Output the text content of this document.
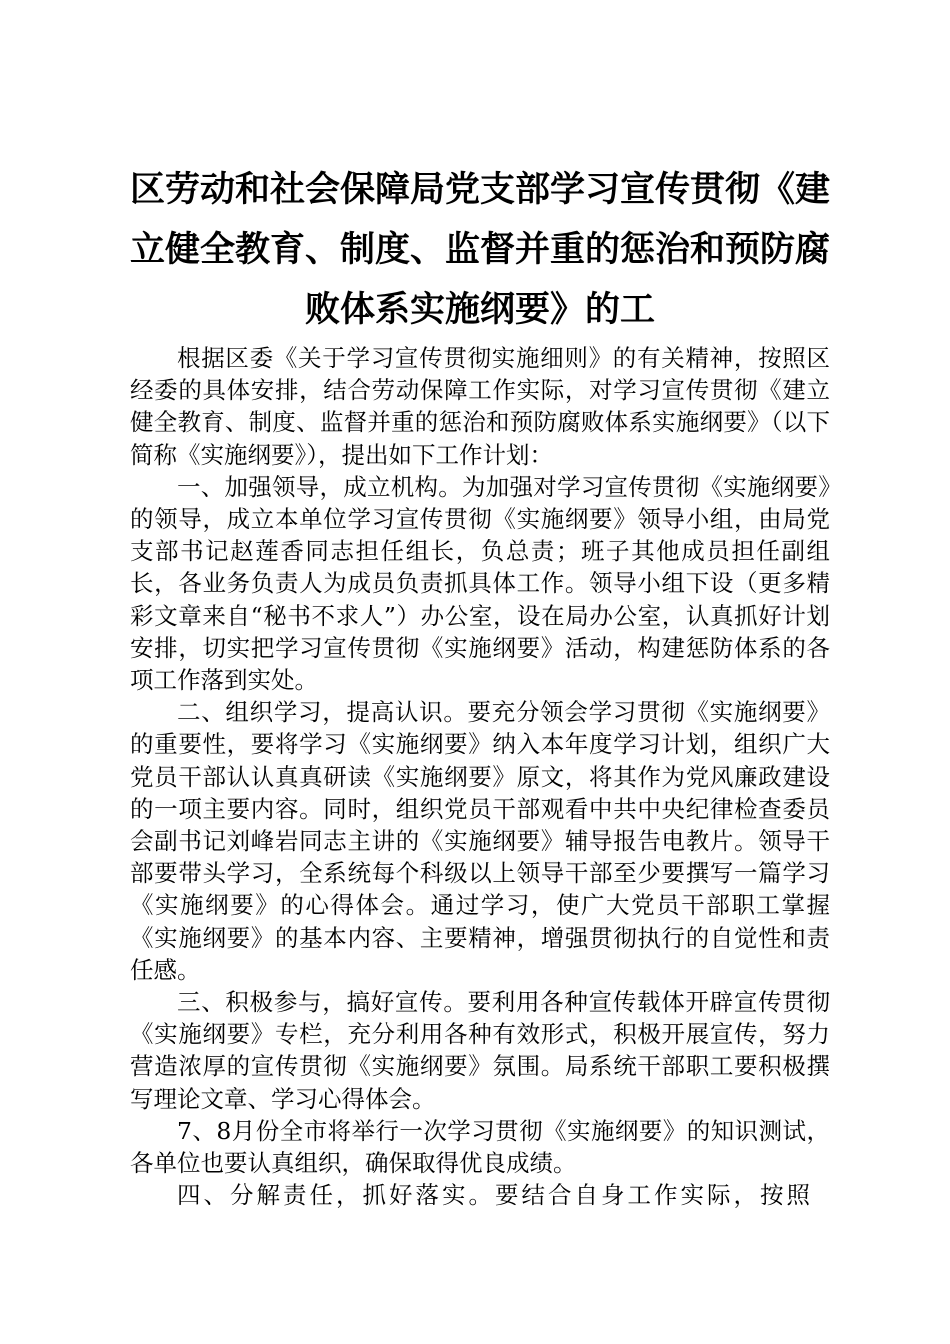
区劳动和社会保障局党支部学习宣传贯彻《建立健全教育、制度、监督并重的惩治和预防腐败体系实施纲要》的工

根据区委《关于学习宣传贯彻实施细则》的有关精神，按照区经委的具体安排，结合劳动保障工作实际，对学习宣传贯彻《建立健全教育、制度、监督并重的惩治和预防腐败体系实施纲要》（以下简称《实施纲要》），提出如下工作计划：

一、加强领导，成立机构。为加强对学习宣传贯彻《实施纲要》的领导，成立本单位学习宣传贯彻《实施纲要》领导小组，由局党支部书记赵莲香同志担任组长，负总责；班子其他成员担任副组长，各业务负责人为成员负责抓具体工作。领导小组下设（更多精彩文章来自“秘书不求人”）办公室，设在局办公室，认真抓好计划安排，切实把学习宣传贯彻《实施纲要》活动，构建惩防体系的各项工作落到实处。

二、组织学习，提高认识。要充分领会学习贯彻《实施纲要》的重要性，要将学习《实施纲要》纳入本年度学习计划，组织广大党员干部认认真真研读《实施纲要》原文，将其作为党风廉政建设的一项主要内容。同时，组织党员干部观看中共中央纪律检查委员会副书记刘峰岩同志主讲的《实施纲要》辅导报告电教片。领导干部要带头学习，全系统每个科级以上领导干部至少要撰写一篇学习《实施纲要》的心得体会。通过学习，使广大党员干部职工掌握《实施纲要》的基本内容、主要精神，增强贯彻执行的自觉性和责任感。

三、积极参与，搞好宣传。要利用各种宣传载体开辟宣传贯彻《实施纲要》专栏，充分利用各种有效形式，积极开展宣传，努力营造浓厚的宣传贯彻《实施纲要》氛围。局系统干部职工要积极撰写理论文章、学习心得体会。

7、8月份全市将举行一次学习贯彻《实施纲要》的知识测试，各单位也要认真组织，确保取得优良成绩。

四、分解责任，抓好落实。要结合自身工作实际，按照
